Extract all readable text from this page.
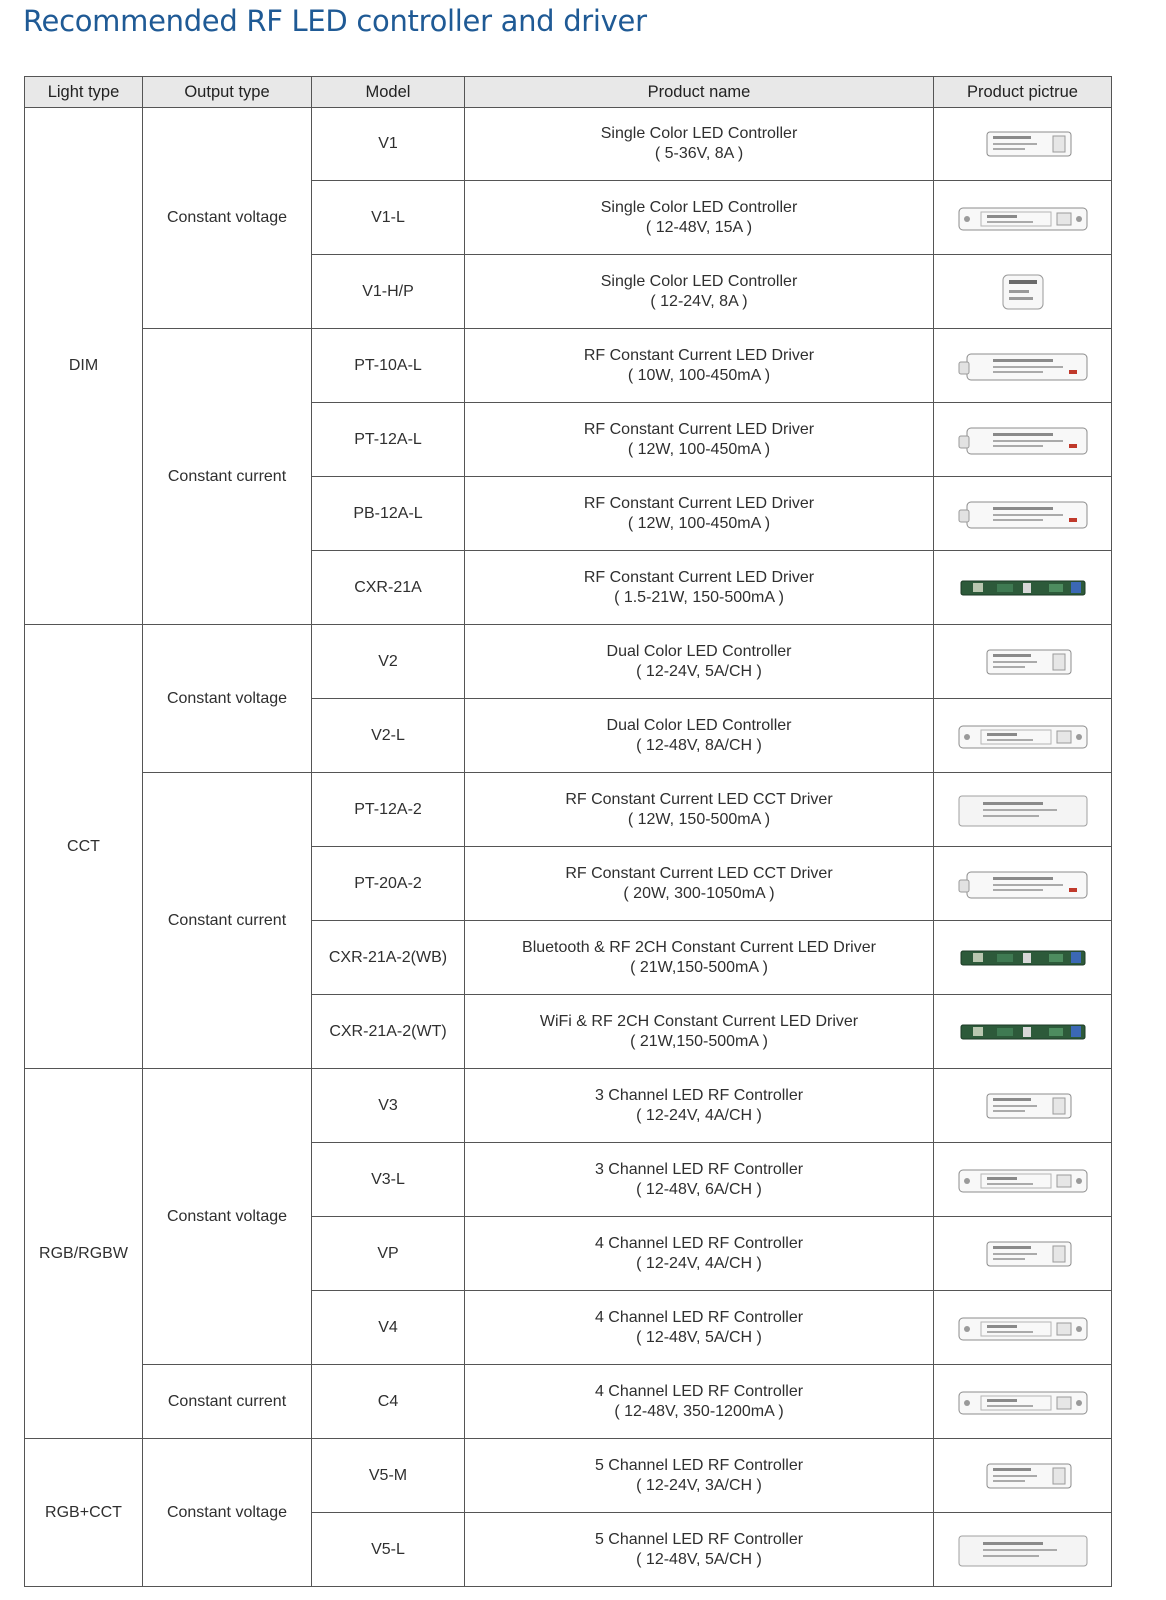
Recommended RF LED controller and driver
Light type	Output type	Model	Product name	Product pictrue
DIM	Constant voltage	V1	Single Color LED Controller
( 5-36V, 8A )

		V1-L	Single Color LED Controller
( 12-48V, 15A )

		V1-H/P	Single Color LED Controller
( 12-24V, 8A )

	Constant current	PT-10A-L	RF Constant Current LED Driver
( 10W, 100-450mA )

		PT-12A-L	RF Constant Current LED Driver
( 12W, 100-450mA )

		PB-12A-L	RF Constant Current LED Driver
( 12W, 100-450mA )

		CXR-21A	RF Constant Current LED Driver
( 1.5-21W, 150-500mA )

CCT	Constant voltage	V2	Dual Color LED Controller
( 12-24V, 5A/CH )

		V2-L	Dual Color LED Controller
( 12-48V, 8A/CH )

	Constant current	PT-12A-2	RF Constant Current LED CCT Driver
( 12W, 150-500mA )

		PT-20A-2	RF Constant Current LED CCT Driver
( 20W, 300-1050mA )

		CXR-21A-2(WB)	Bluetooth & RF 2CH Constant Current LED Driver
( 21W,150-500mA )

		CXR-21A-2(WT)	WiFi & RF 2CH Constant Current LED Driver
( 21W,150-500mA )

RGB/RGBW	Constant voltage	V3	3 Channel LED RF Controller
( 12-24V, 4A/CH )

		V3-L	3 Channel LED RF Controller
( 12-48V, 6A/CH )

		VP	4 Channel LED RF Controller
( 12-24V, 4A/CH )

		V4	4 Channel LED RF Controller
( 12-48V, 5A/CH )

	Constant current	C4	4 Channel LED RF Controller
( 12-48V, 350-1200mA )

RGB+CCT	Constant voltage	V5-M	5 Channel LED RF Controller
( 12-24V, 3A/CH )

		V5-L	5 Channel LED RF Controller
( 12-48V, 5A/CH )
